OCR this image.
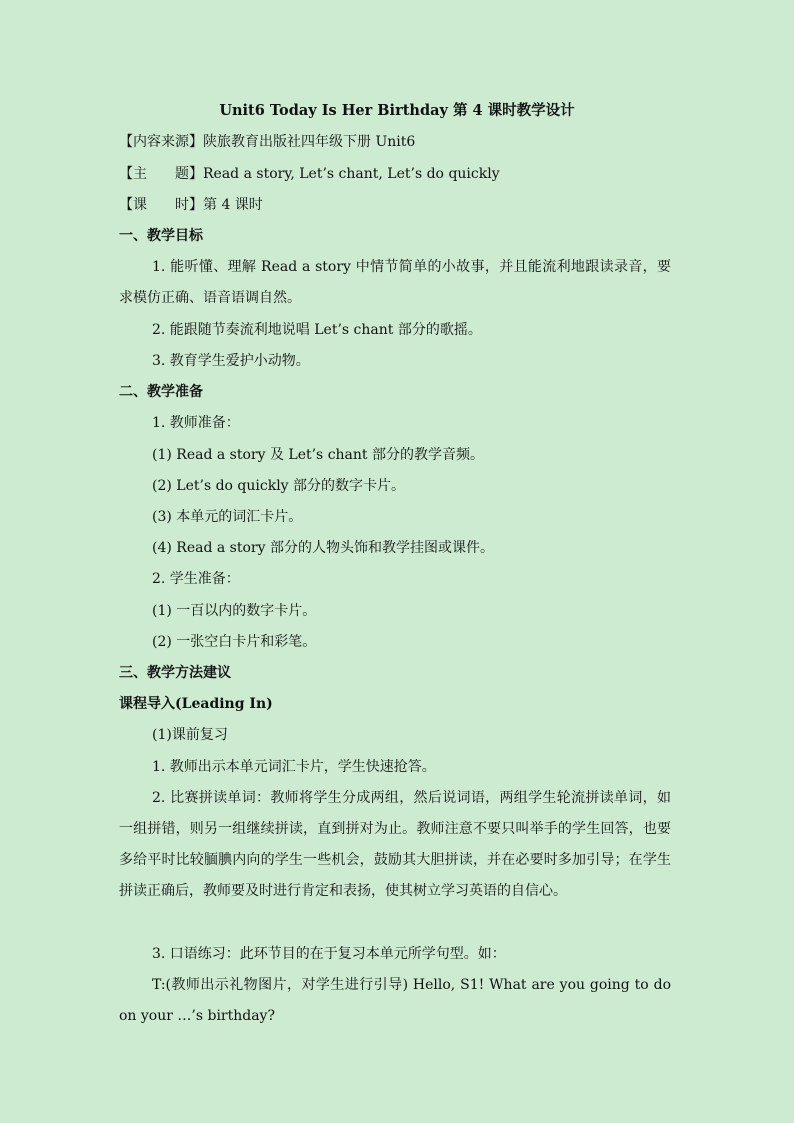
Unit6 Today Is Her Birthday 第 4 课时教学设计
【内容来源】陕旅教育出版社四年级下册 Unit6
【主　　题】Read a story, Let’s chant, Let’s do quickly
【课　　时】第 4 课时
一、教学目标
1. 能听懂、理解 Read a story 中情节简单的小故事，并且能流利地跟读录音，要求模仿正确、语音语调自然。
2. 能跟随节奏流利地说唱 Let’s chant 部分的歌摇。
3. 教育学生爱护小动物。
二、教学准备
1. 教师准备：
(1) Read a story 及 Let’s chant 部分的教学音频。
(2) Let’s do quickly 部分的数字卡片。
(3) 本单元的词汇卡片。
(4) Read a story 部分的人物头饰和教学挂图或课件。
2. 学生准备：
(1) 一百以内的数字卡片。
(2) 一张空白卡片和彩笔。
三、教学方法建议
课程导入(Leading In)
(1)课前复习
1. 教师出示本单元词汇卡片，学生快速抢答。
2. 比赛拼读单词：教师将学生分成两组，然后说词语，两组学生轮流拼读单词，如一组拼错，则另一组继续拼读，直到拼对为止。教师注意不要只叫举手的学生回答，也要多给平时比较腼腆内向的学生一些机会，鼓励其大胆拼读，并在必要时多加引导；在学生拼读正确后，教师要及时进行肯定和表扬，使其树立学习英语的自信心。
3. 口语练习：此环节目的在于复习本单元所学句型。如：
T:(教师出示礼物图片，对学生进行引导) Hello, S1! What are you going to do on your …’s birthday?
